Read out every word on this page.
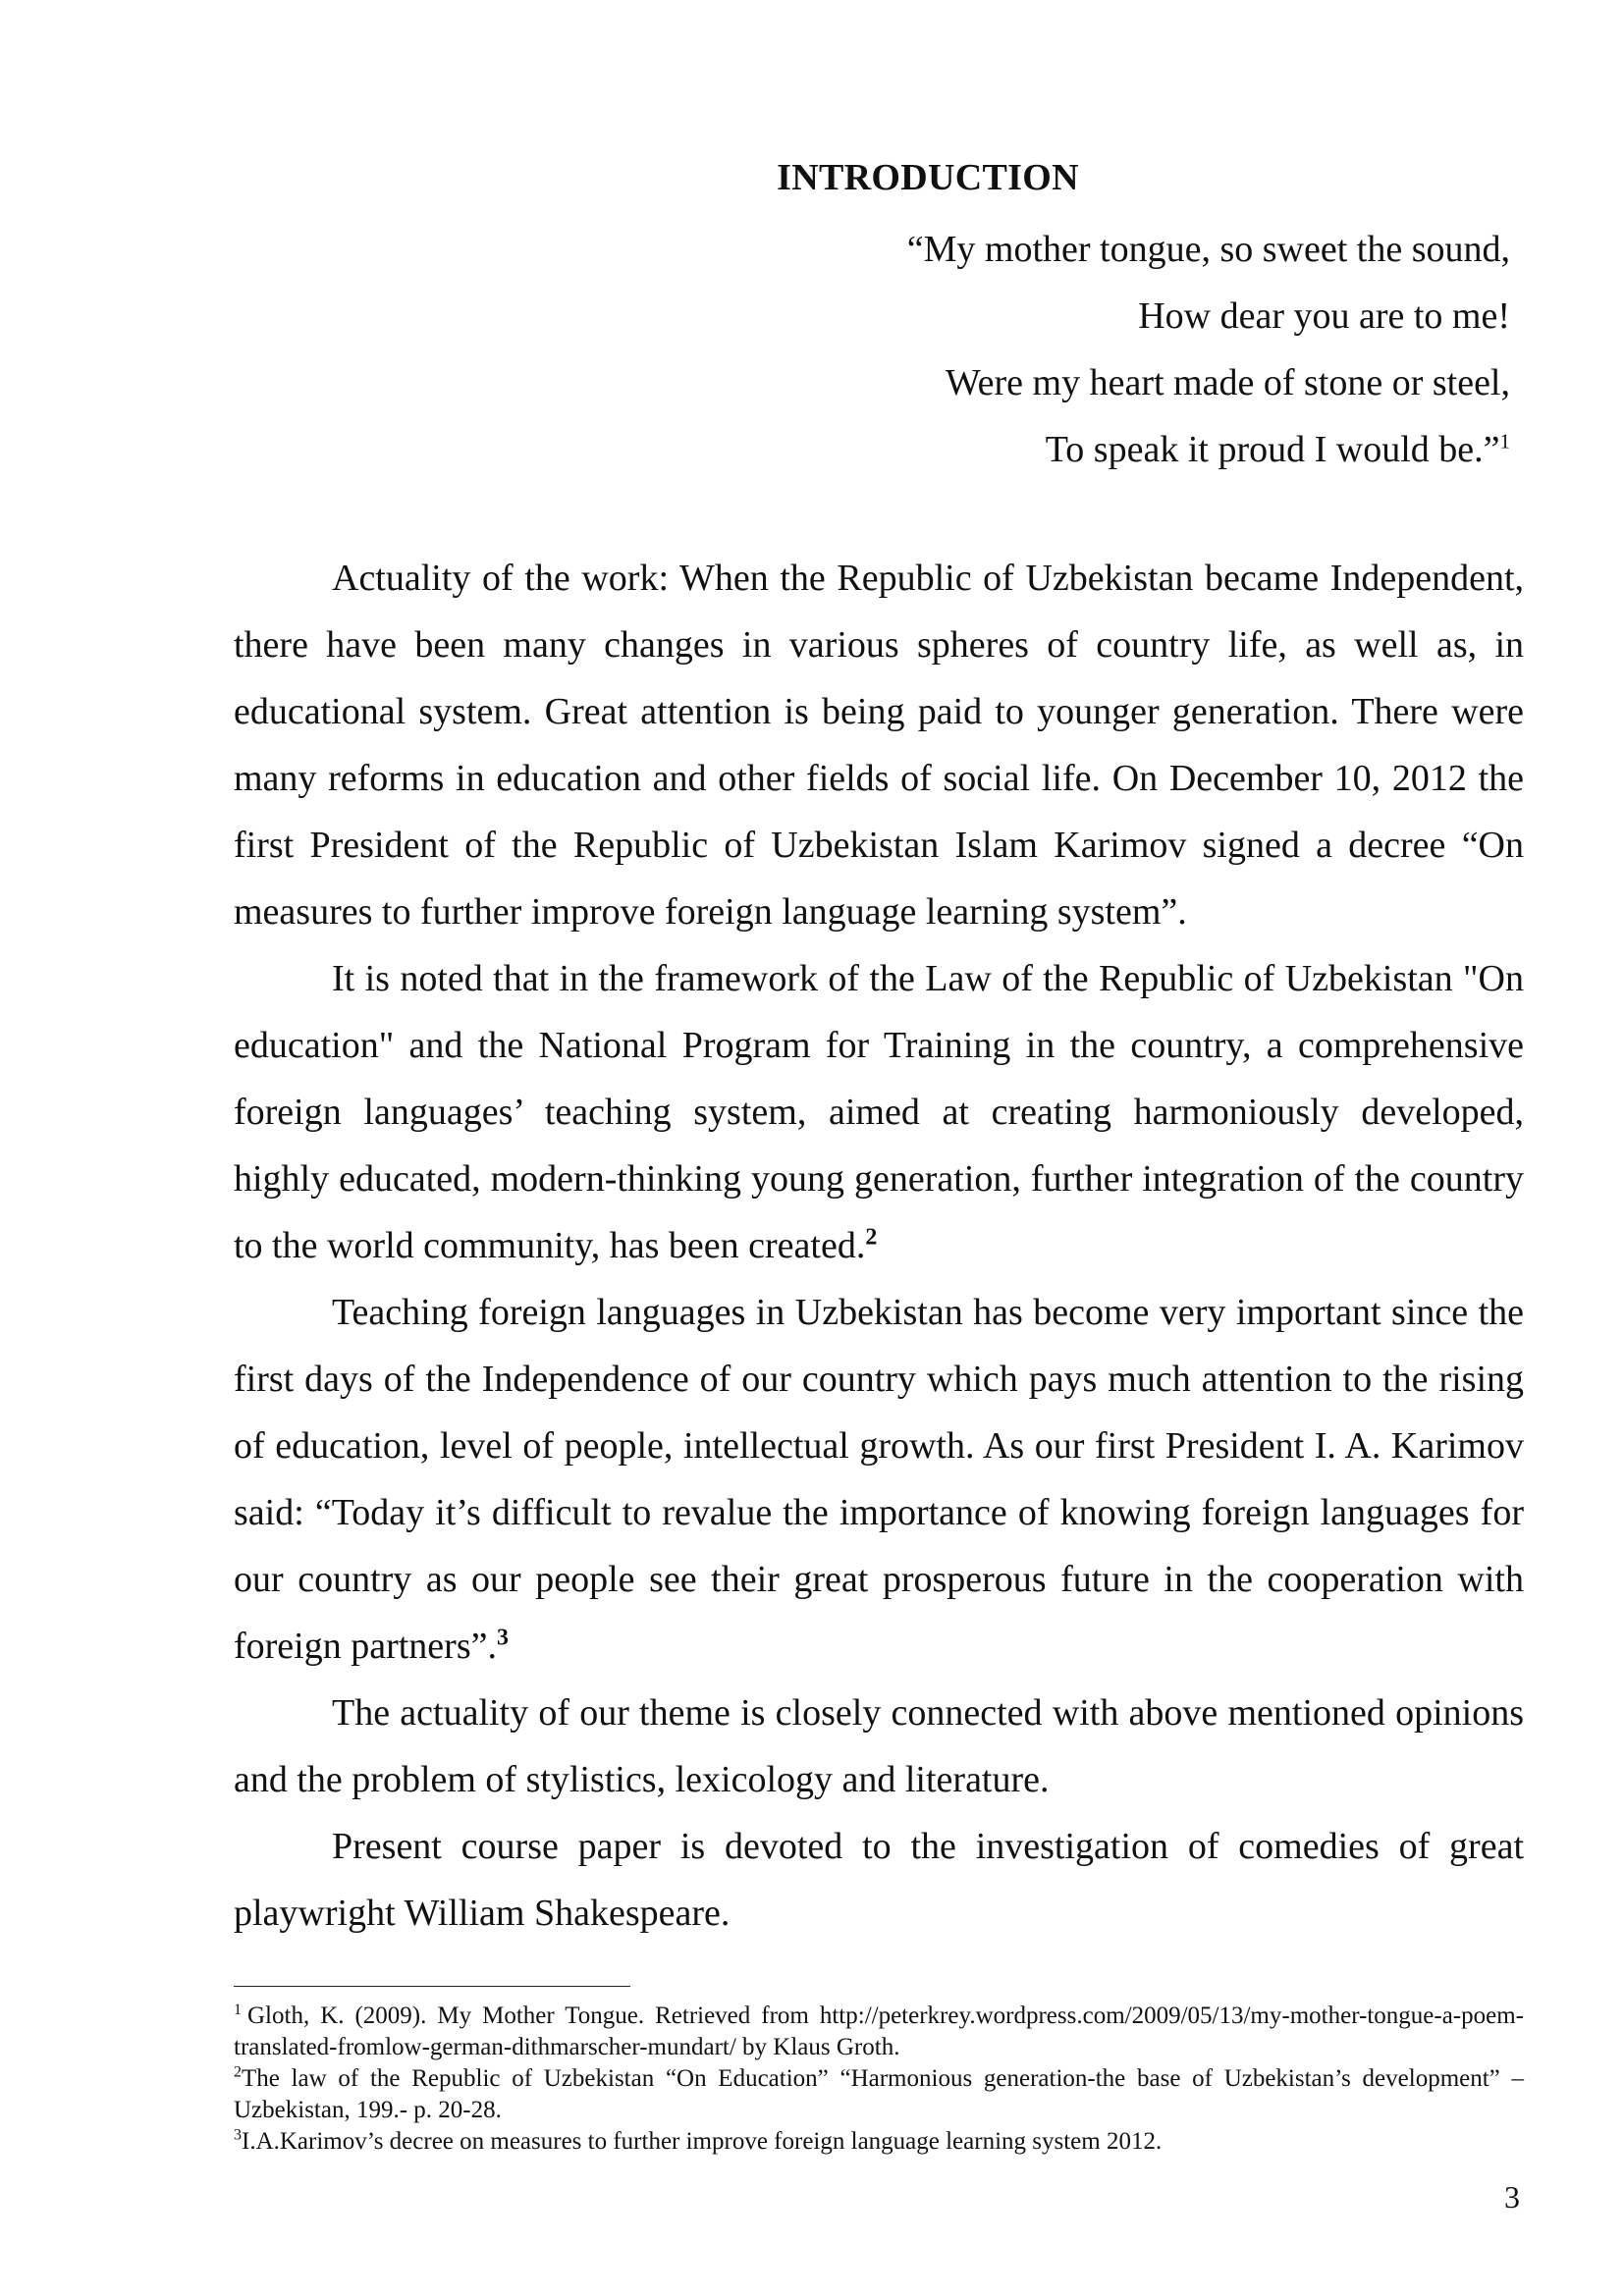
INTRODUCTION
“My mother tongue, so sweet the sound,
How dear you are to me!
Were my heart made of stone or steel,
To speak it proud I would be.”$^1$

Actuality of the work: When the Republic of Uzbekistan became Independent, there have been many changes in various spheres of country life, as well as, in educational system. Great attention is being paid to younger generation. There were many reforms in education and other fields of social life. On December 10, 2012 the first President of the Republic of Uzbekistan Islam Karimov signed a decree “On measures to further improve foreign language learning system”.

It is noted that in the framework of the Law of the Republic of Uzbekistan "On education" and the National Program for Training in the country, a comprehensive foreign languages’ teaching system, aimed at creating harmoniously developed, highly educated, modern-thinking young generation, further integration of the country to the world community, has been created.$^2$

Teaching foreign languages in Uzbekistan has become very important since the first days of the Independence of our country which pays much attention to the rising of education, level of people, intellectual growth. As our first President I. A. Karimov said: “Today it’s difficult to revalue the importance of knowing foreign languages for our country as our people see their great prosperous future in the cooperation with foreign partners”.$^3$

The actuality of our theme is closely connected with above mentioned opinions and the problem of stylistics, lexicology and literature.

Present course paper is devoted to the investigation of comedies of great playwright William Shakespeare.

$^1$ Gloth, K. (2009). My Mother Tongue. Retrieved from http://peterkrey.wordpress.com/2009/05/13/my-mother-tongue-a-poem-translated-fromlow-german-dithmarscher-mundart/ by Klaus Groth.

$^2$The law of the Republic of Uzbekistan “On Education” “Harmonious generation-the base of Uzbekistan’s development” – Uzbekistan, 199.- p. 20-28.

$^3$I.A.Karimov’s decree on measures to further improve foreign language learning system 2012.

3
